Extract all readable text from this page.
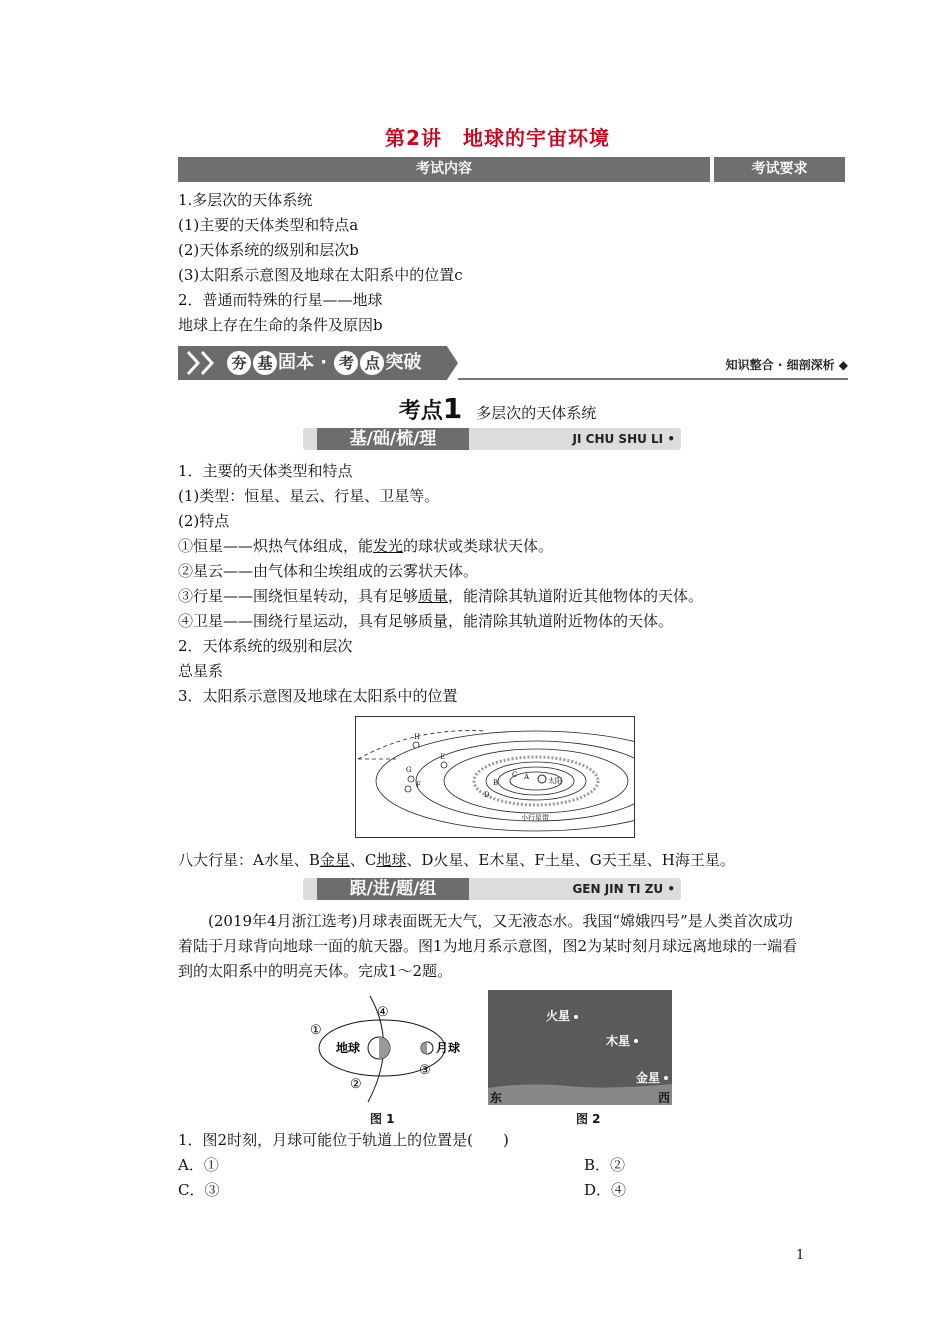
第2讲　地球的宇宙环境
考试内容	考试要求
1.多层次的天体系统
(1)主要的天体类型和特点a
(2)天体系统的级别和层次b
(3)太阳系示意图及地球在太阳系中的位置c
2．普通而特殊的行星——地球
地球上存在生命的条件及原因b
夯 基 固本 · 考 点 突破	知识整合 · 细剖深析 ◆
考点1 多层次的天体系统
基/础/梳/理	JI CHU SHU LI •
1．主要的天体类型和特点
(1)类型：恒星、星云、行星、卫星等。
(2)特点
①恒星——炽热气体组成，能发光的球状或类球状天体。
②星云——由气体和尘埃组成的云雾状天体。
③行星——围绕恒星转动，具有足够质量，能清除其轨道附近其他物体的天体。
④卫星——围绕行星运动，具有足够质量，能清除其轨道附近物体的天体。
2．天体系统的级别和层次
总星系
3．太阳系示意图及地球在太阳系中的位置
太阳
小行星带
A
B
C
D
E
F
G
H
八大行星：A水星、B金星、C地球、D火星、E木星、F土星、G天王星、H海王星。
跟/进/题/组	GEN JIN TI ZU •
(2019年4月浙江选考)月球表面既无大气，又无液态水。我国“嫦娥四号”是人类首次成功着陆于月球背向地球一面的航天器。图1为地月系示意图，图2为某时刻月球远离地球的一端看到的太阳系中的明亮天体。完成1～2题。
地球	月球
①
②
③
④
图 1
火星
木星
金星
东	西
图 2
1．图2时刻，月球可能位于轨道上的位置是(　　)
A．①	B．②
C．③	D．④
1
